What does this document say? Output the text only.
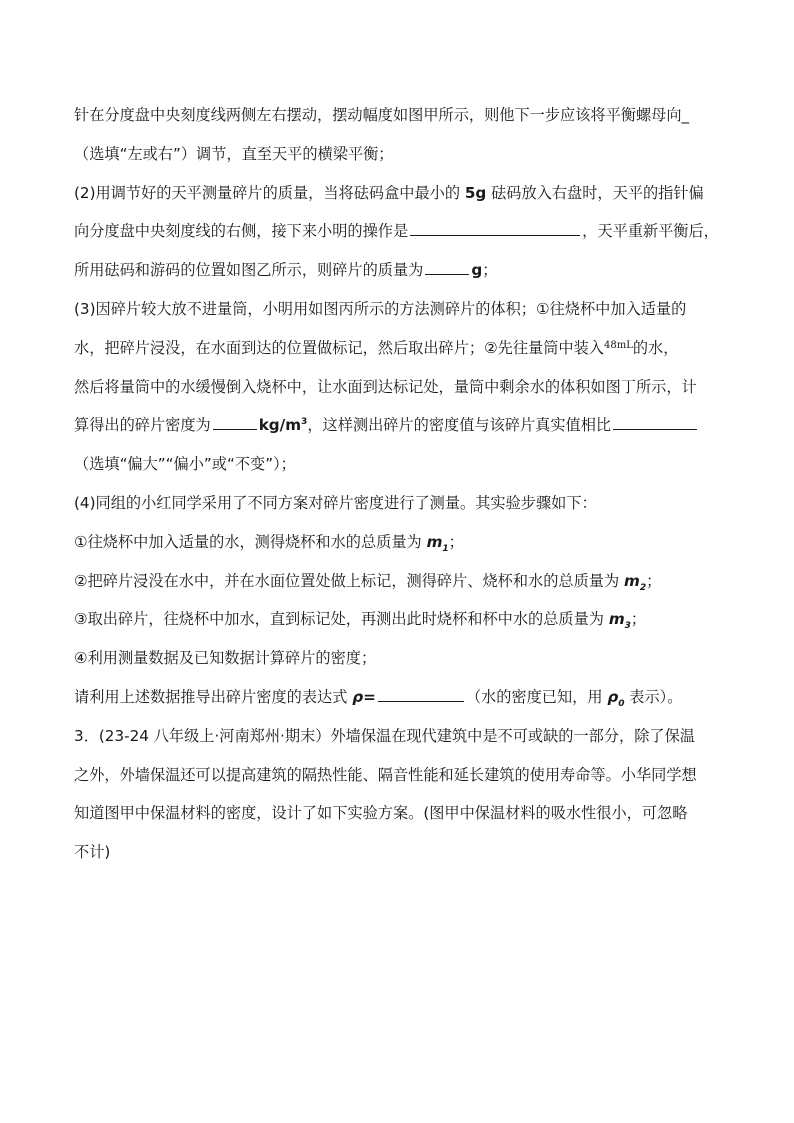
针在分度盘中央刻度线两侧左右摆动，摆动幅度如图甲所示，则他下一步应该将平衡螺母向_
（选填“左或右”）调节，直至天平的横梁平衡；
(2)用调节好的天平测量碎片的质量，当将砝码盒中最小的 5g 砝码放入右盘时，天平的指针偏
向分度盘中央刻度线的右侧，接下来小明的操作是	，天平重新平衡后，
所用砝码和游码的位置如图乙所示，则碎片的质量为	g；
(3)因碎片较大放不进量筒，小明用如图丙所示的方法测碎片的体积；①往烧杯中加入适量的
水，把碎片浸没，在水面到达的位置做标记，然后取出碎片；②先往量筒中装入$^{48mL}$的水，
然后将量筒中的水缓慢倒入烧杯中，让水面到达标记处，量筒中剩余水的体积如图丁所示，计
算得出的碎片密度为	$kg/m^3$，这样测出碎片的密度值与该碎片真实值相比
（选填“偏大”“偏小”或“不变”）；
(4)同组的小红同学采用了不同方案对碎片密度进行了测量。其实验步骤如下：
①往烧杯中加入适量的水，测得烧杯和水的总质量为 $m_1$；
②把碎片浸没在水中，并在水面位置处做上标记，测得碎片、烧杯和水的总质量为 $m_2$；
③取出碎片，往烧杯中加水，直到标记处，再测出此时烧杯和杯中水的总质量为 $m_3$；
④利用测量数据及已知数据计算碎片的密度；
请利用上述数据推导出碎片密度的表达式 ρ=	（水的密度已知，用 $\rho_0$ 表示）。
3．(23-24 八年级上·河南郑州·期末）外墙保温在现代建筑中是不可或缺的一部分，除了保温
之外，外墙保温还可以提高建筑的隔热性能、隔音性能和延长建筑的使用寿命等。小华同学想
知道图甲中保温材料的密度，设计了如下实验方案。(图甲中保温材料的吸水性很小，可忽略
不计)
